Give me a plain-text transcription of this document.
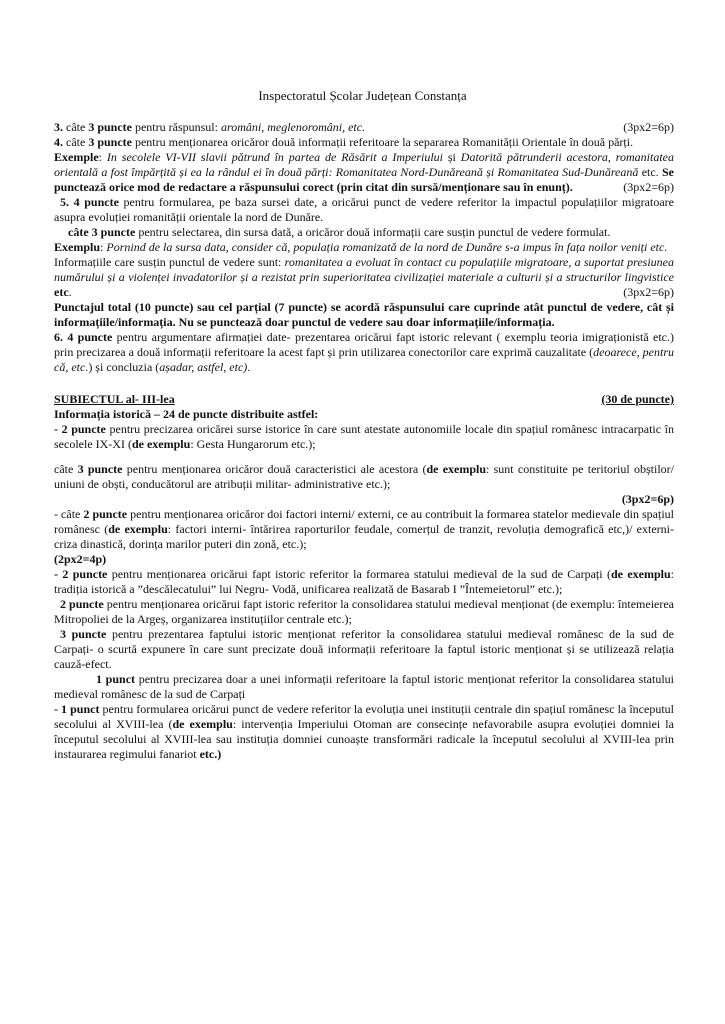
Inspectoratul Școlar Județean Constanța
3. câte 3 puncte pentru răspunsul: aromâni, meglenoromâni, etc.	(3px2=6p)

4. câte 3 puncte pentru menționarea oricăror două informații referitoare la separarea Romanității Orientale în două părți.

Exemple: In secolele VI-VII slavii pătrund în partea de Răsărit a Imperiului și Datorită pătrunderii acestora, romanitatea orientală a fost împărțită și ea la rândul ei în două părți: Romanitatea Nord-Dunăreană și Romanitatea Sud-Dunăreană etc. Se punctează orice mod de redactare a răspunsului corect (prin citat din sursă/menționare sau în enunț).	(3px2=6p)

5. 4 puncte pentru formularea, pe baza sursei date, a oricărui punct de vedere referitor la impactul populațiilor migratoare asupra evoluției romanității orientale la nord de Dunăre.

câte 3 puncte pentru selectarea, din sursa dată, a oricăror două informații care susțin punctul de vedere formulat.

Exemplu: Pornind de la sursa data, consider că, populația romanizată de la nord de Dunăre s-a impus în fața noilor veniți etc.

Informațiile care susțin punctul de vedere sunt: romanitatea a evoluat în contact cu populațiile migratoare, a suportat presiunea numărului și a violenței invadatorilor și a rezistat prin superioritatea civilizației materiale a culturii și a structurilor lingvistice etc.	(3px2=6p)

Punctajul total (10 puncte) sau cel parțial (7 puncte) se acordă răspunsului care cuprinde atât punctul de vedere, cât și informațiile/informația. Nu se punctează doar punctul de vedere sau doar informațiile/informația.

6. 4 puncte pentru argumentare afirmației date- prezentarea oricărui fapt istoric relevant ( exemplu teoria imigraționistă etc.) prin precizarea a două informații referitoare la acest fapt și prin utilizarea conectorilor care exprimă cauzalitate (deoarece, pentru că, etc.) și concluzia (așadar, astfel, etc).

SUBIECTUL al- III-lea	(30 de puncte)

Informația istorică – 24 de puncte distribuite astfel:

- 2 puncte pentru precizarea oricărei surse istorice în care sunt atestate autonomiile locale din spațiul românesc intracarpatic în secolele IX-XI (de exemplu: Gesta Hungarorum etc.);

câte 3 puncte pentru menționarea oricăror două caracteristici ale acestora (de exemplu: sunt constituite pe teritoriul obștilor/ uniuni de obști, conducătorul are atribuții militar- administrative etc.);

(3px2=6p)

- câte 2 puncte pentru menționarea oricăror doi factori interni/ externi, ce au contribuit la formarea statelor medievale din spațiul românesc (de exemplu: factori interni- întărirea raporturilor feudale, comerțul de tranzit, revoluția demografică etc,)/ externi- criza dinastică, dorința marilor puteri din zonă, etc.);

(2px2=4p)

- 2 puncte pentru menționarea oricărui fapt istoric referitor la formarea statului medieval de la sud de Carpați (de exemplu: tradiția istorică a ”descălecatului” lui Negru- Vodă, unificarea realizată de Basarab I ”Întemeietorul” etc.);

2 puncte pentru menționarea oricărui fapt istoric referitor la consolidarea statului medieval menționat (de exemplu: întemeierea Mitropoliei de la Argeș, organizarea instituțiilor centrale etc.);

3 puncte pentru prezentarea faptului istoric menționat referitor la consolidarea statului medieval românesc de la sud de Carpați- o scurtă expunere în care sunt precizate două informații referitoare la faptul istoric menționat și se utilizează relația cauză-efect.

1 punct pentru precizarea doar a unei informații referitoare la faptul istoric menționat referitor la consolidarea statului medieval românesc de la sud de Carpați

- 1 punct pentru formularea oricărui punct de vedere referitor la evoluția unei instituții centrale din spațiul românesc la începutul secolului al XVIII-lea (de exemplu: intervenția Imperiului Otoman are consecințe nefavorabile asupra evoluției domniei la începutul secolului al XVIII-lea sau instituția domniei cunoaște transformări radicale la începutul secolului al XVIII-lea prin instaurarea regimului fanariot etc.)
